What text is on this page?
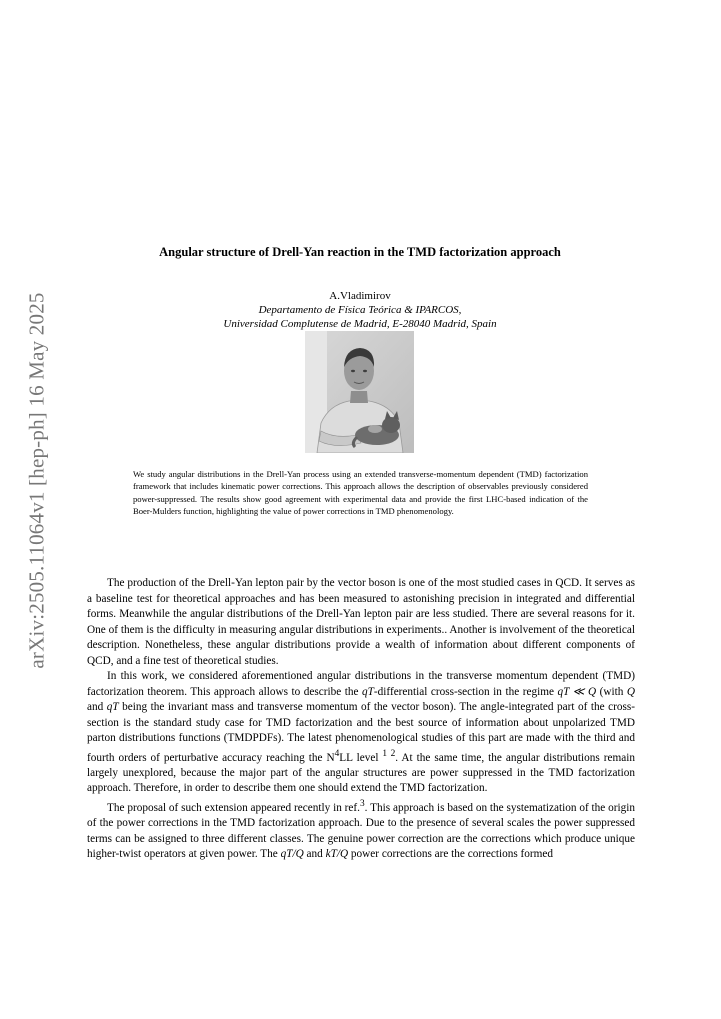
arXiv:2505.11064v1 [hep-ph] 16 May 2025
Angular structure of Drell-Yan reaction in the TMD factorization approach
A.Vladimirov
Departamento de Física Teórica & IPARCOS,
Universidad Complutense de Madrid, E-28040 Madrid, Spain
We study angular distributions in the Drell-Yan process using an extended transverse-momentum dependent (TMD) factorization framework that includes kinematic power corrections. This approach allows the description of observables previously considered power-suppressed. The results show good agreement with experimental data and provide the first LHC-based indication of the Boer-Mulders function, highlighting the value of power corrections in TMD phenomenology.

The production of the Drell-Yan lepton pair by the vector boson is one of the most studied cases in QCD. It serves as a baseline test for theoretical approaches and has been measured to astonishing precision in integrated and differential forms. Meanwhile the angular distributions of the Drell-Yan lepton pair are less studied. There are several reasons for it. One of them is the difficulty in measuring angular distributions in experiments.. Another is involvement of the theoretical description. Nonetheless, these angular distributions provide a wealth of information about different components of QCD, and a fine test of theoretical studies.

In this work, we considered aforementioned angular distributions in the transverse momentum dependent (TMD) factorization theorem. This approach allows to describe the qT-differential cross-section in the regime qT ≪ Q (with Q and qT being the invariant mass and transverse momentum of the vector boson). The angle-integrated part of the cross-section is the standard study case for TMD factorization and the best source of information about unpolarized TMD parton distributions functions (TMDPDFs). The latest phenomenological studies of this part are made with the third and fourth orders of perturbative accuracy reaching the $N^4LL$ level $^{1 2}$. At the same time, the angular distributions remain largely unexplored, because the major part of the angular structures are power suppressed in the TMD factorization approach. Therefore, in order to describe them one should extend the TMD factorization.

The proposal of such extension appeared recently in ref.$^3$. This approach is based on the systematization of the origin of the power corrections in the TMD factorization approach. Due to the presence of several scales the power suppressed terms can be assigned to three different classes. The genuine power correction are the corrections which produce unique higher-twist operators at given power. The qT/Q and kT/Q power corrections are the corrections formed
